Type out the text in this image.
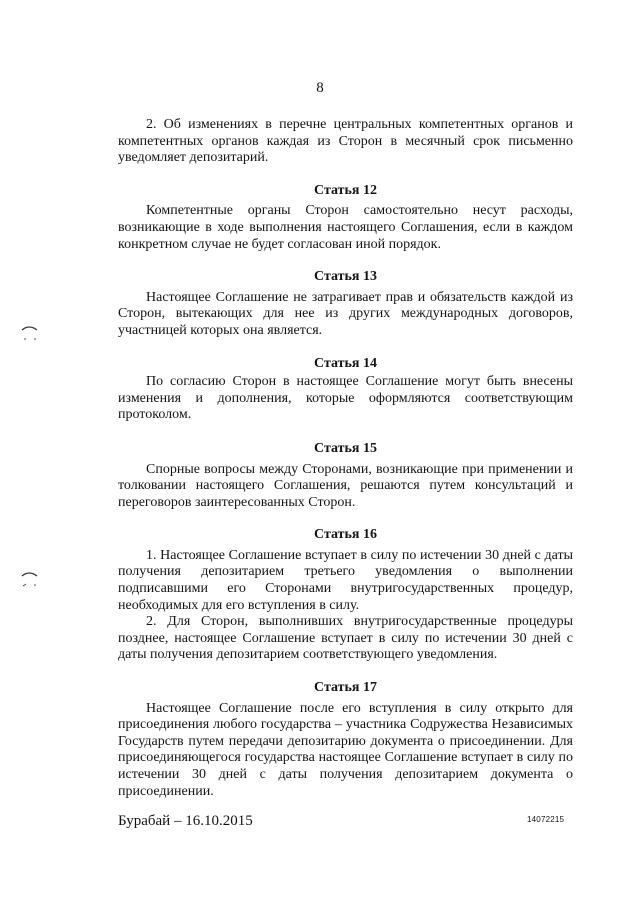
8

2. Об изменениях в перечне центральных компетентных органов и компетентных органов каждая из Сторон в месячный срок письменно уведомляет депозитарий.

Статья 12

Компетентные органы Сторон самостоятельно несут расходы, возникающие в ходе выполнения настоящего Соглашения, если в каждом конкретном случае не будет согласован иной порядок.

Статья 13

Настоящее Соглашение не затрагивает прав и обязательств каждой из Сторон, вытекающих для нее из других международных договоров, участницей которых она является.

Статья 14

По согласию Сторон в настоящее Соглашение могут быть внесены изменения и дополнения, которые оформляются соответствующим протоколом.

Статья 15

Спорные вопросы между Сторонами, возникающие при применении и толковании настоящего Соглашения, решаются путем консультаций и переговоров заинтересованных Сторон.

Статья 16

1. Настоящее Соглашение вступает в силу по истечении 30 дней с даты получения депозитарием третьего уведомления о выполнении подписавшими его Сторонами внутригосударственных процедур, необходимых для его вступления в силу.

2. Для Сторон, выполнивших внутригосударственные процедуры позднее, настоящее Соглашение вступает в силу по истечении 30 дней с даты получения депозитарием соответствующего уведомления.

Статья 17

Настоящее Соглашение после его вступления в силу открыто для присоединения любого государства – участника Содружества Независимых Государств путем передачи депозитарию документа о присоединении. Для присоединяющегося государства настоящее Соглашение вступает в силу по истечении 30 дней с даты получения депозитарием документа о присоединении.

Бурабай – 16.10.2015	14072215
